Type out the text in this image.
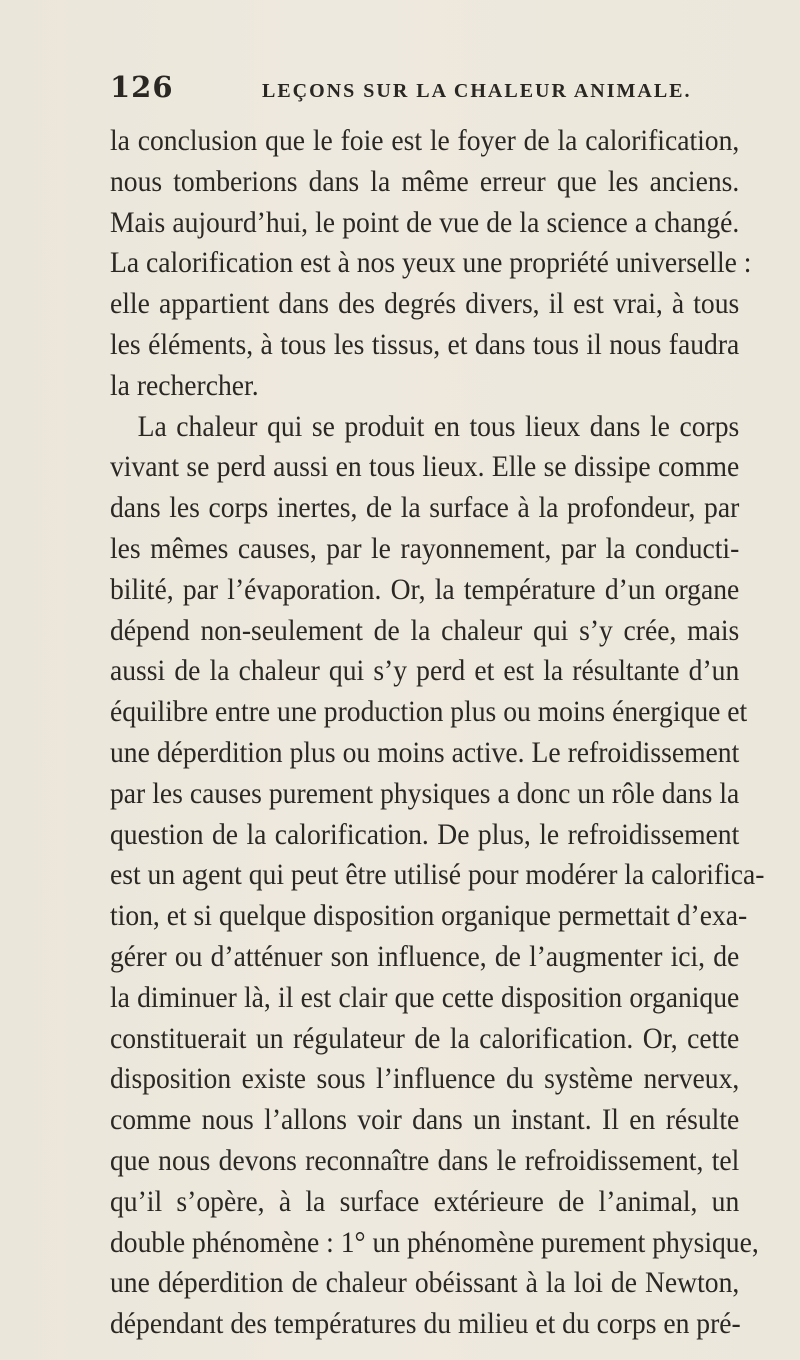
126	LEÇONS SUR LA CHALEUR ANIMALE.
la conclusion que le foie est le foyer de la calorification,
nous tomberions dans la même erreur que les anciens.
Mais aujourd’hui, le point de vue de la science a changé.
La calorification est à nos yeux une propriété universelle :
elle appartient dans des degrés divers, il est vrai, à tous
les éléments, à tous les tissus, et dans tous il nous faudra
la rechercher.
La chaleur qui se produit en tous lieux dans le corps
vivant se perd aussi en tous lieux. Elle se dissipe comme
dans les corps inertes, de la surface à la profondeur, par
les mêmes causes, par le rayonnement, par la conducti-
bilité, par l’évaporation. Or, la température d’un organe
dépend non-seulement de la chaleur qui s’y crée, mais
aussi de la chaleur qui s’y perd et est la résultante d’un
équilibre entre une production plus ou moins énergique et
une déperdition plus ou moins active. Le refroidissement
par les causes purement physiques a donc un rôle dans la
question de la calorification. De plus, le refroidissement
est un agent qui peut être utilisé pour modérer la calorifica-
tion, et si quelque disposition organique permettait d’exa-
gérer ou d’atténuer son influence, de l’augmenter ici, de
la diminuer là, il est clair que cette disposition organique
constituerait un régulateur de la calorification. Or, cette
disposition existe sous l’influence du système nerveux,
comme nous l’allons voir dans un instant. Il en résulte
que nous devons reconnaître dans le refroidissement, tel
qu’il s’opère, à la surface extérieure de l’animal, un
double phénomène : 1° un phénomène purement physique,
une déperdition de chaleur obéissant à la loi de Newton,
dépendant des températures du milieu et du corps en pré-
